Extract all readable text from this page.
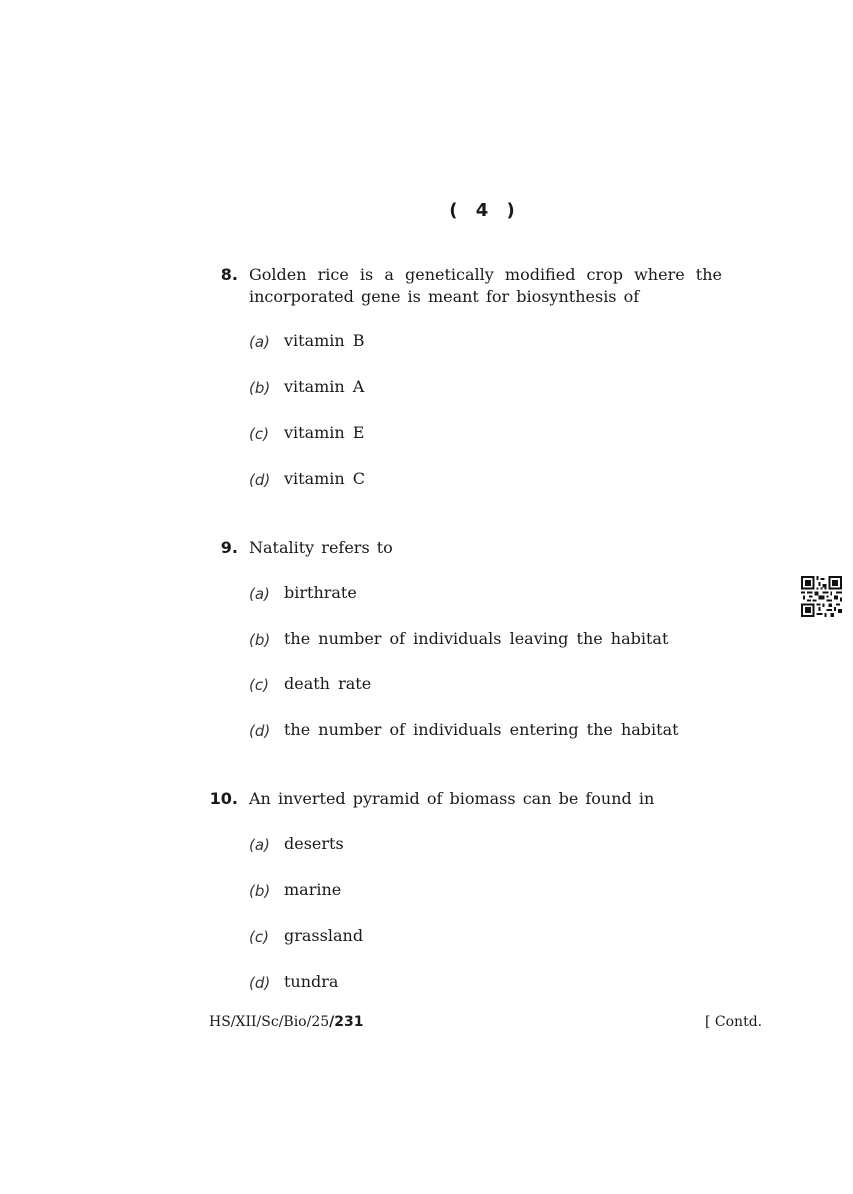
( 4 )
8. Golden rice is a genetically modified crop where the incorporated gene is meant for biosynthesis of
(a) vitamin B
(b) vitamin A
(c) vitamin E
(d) vitamin C
9. Natality refers to
(a) birthrate
(b) the number of individuals leaving the habitat
(c) death rate
(d) the number of individuals entering the habitat
10. An inverted pyramid of biomass can be found in
(a) deserts
(b) marine
(c) grassland
(d) tundra
HS/XII/Sc/Bio/25/231	[ Contd.
